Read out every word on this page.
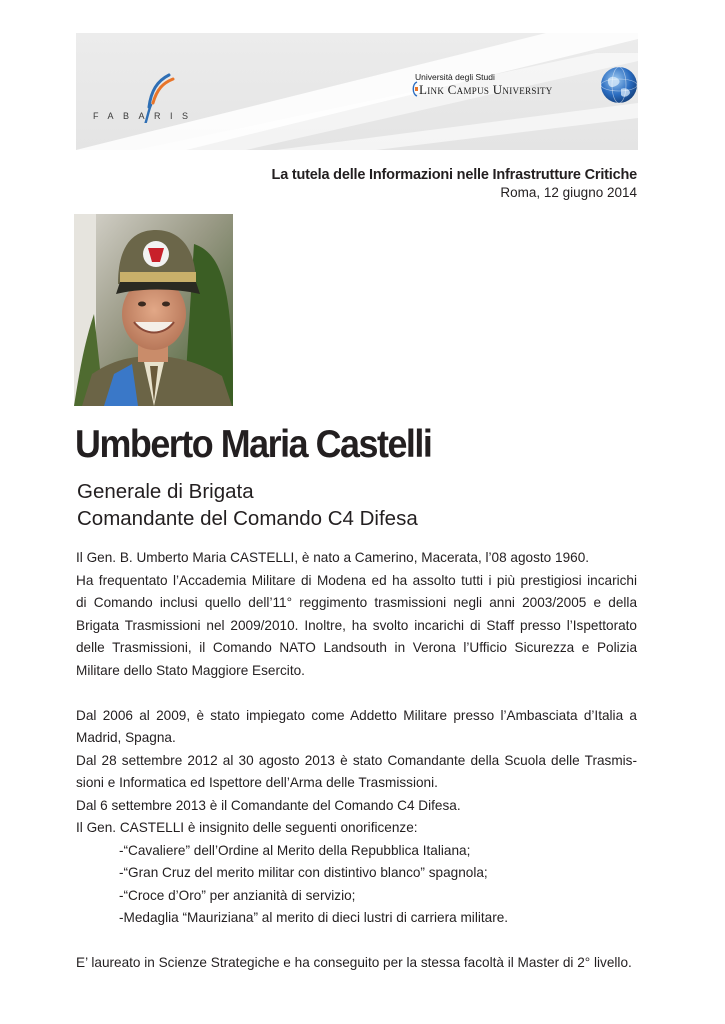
FABARIS
Università degli Studi
Link Campus University
La tutela delle Informazioni nelle Infrastrutture Critiche
Roma, 12 giugno 2014
Umberto Maria Castelli
Generale di Brigata
Comandante del Comando C4 Difesa

Il Gen. B. Umberto Maria CASTELLI, è nato a Camerino, Macerata, l’08 agosto 1960.

Ha frequentato l’Accademia Militare di Modena ed ha assolto tutti i più prestigiosi incarichi

di Comando inclusi quello dell’11° reggimento trasmissioni negli anni 2003/2005 e della

Brigata Trasmissioni nel 2009/2010. Inoltre, ha svolto incarichi di Staff presso l’Ispettorato

delle Trasmissioni, il Comando NATO Landsouth in Verona l’Ufficio Sicurezza e Polizia

Militare dello Stato Maggiore Esercito.

Dal 2006 al 2009, è stato impiegato come Addetto Militare presso l’Ambasciata d’Italia a

Madrid, Spagna.

Dal 28 settembre 2012 al 30 agosto 2013 è stato Comandante della Scuola delle Trasmis-

sioni e Informatica ed Ispettore dell’Arma delle Trasmissioni.

Dal 6 settembre 2013 è il Comandante del Comando C4 Difesa.

Il Gen. CASTELLI è insignito delle seguenti onorificenze:

-“Cavaliere” dell’Ordine al Merito della Repubblica Italiana;

-“Gran Cruz del merito militar con distintivo blanco” spagnola;

-“Croce d’Oro” per anzianità di servizio;

-Medaglia “Mauriziana” al merito di dieci lustri di carriera militare.

E’ laureato in Scienze Strategiche e ha conseguito per la stessa facoltà il Master di 2° livello.
